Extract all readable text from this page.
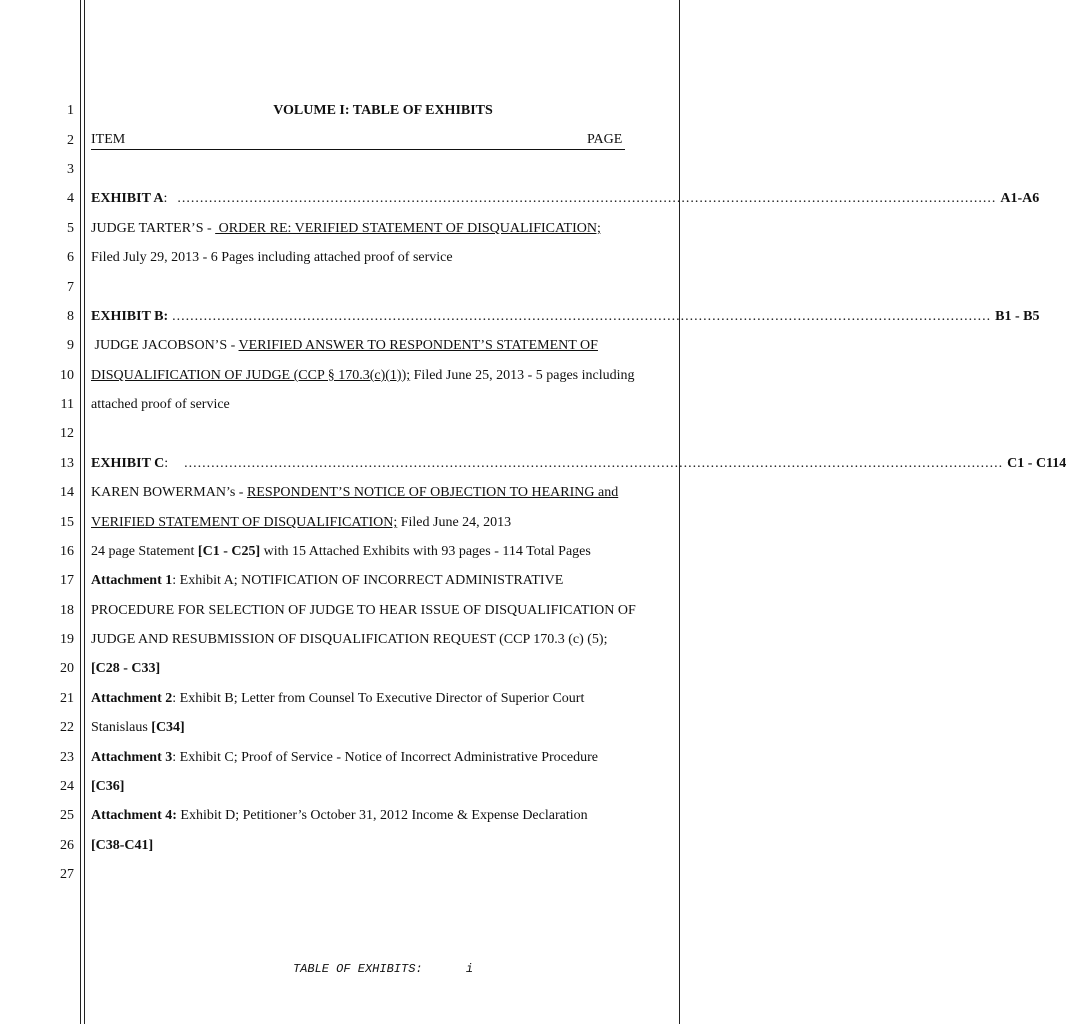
1
2
3
4
5
6
7
8
9
10
11
12
13
14
15
16
17
18
19
20
21
22
23
24
25
26
27
VOLUME I: TABLE OF EXHIBITS
ITEM	PAGE
EXHIBIT A : ...................................................................................................................................................................................... A1-A6
JUDGE TARTER’S -  ORDER RE: VERIFIED STATEMENT OF DISQUALIFICATION;
Filed July 29, 2013 - 6 Pages including attached proof of service
EXHIBIT B: ...................................................................................................................................................................................... B1 - B5
JUDGE JACOBSON’S - VERIFIED ANSWER TO RESPONDENT’S STATEMENT OF
DISQUALIFICATION OF JUDGE (CCP § 170.3(c)(1)); Filed June 25, 2013 - 5 pages including
attached proof of service
EXHIBIT C : ...................................................................................................................................................................................... C1 - C114
KAREN BOWERMAN’s - RESPONDENT’S NOTICE OF OBJECTION TO HEARING and
VERIFIED STATEMENT OF DISQUALIFICATION; Filed June 24, 2013
24 page Statement [C1 - C25] with 15 Attached Exhibits with 93 pages - 114 Total Pages
Attachment 1: Exhibit A; NOTIFICATION OF INCORRECT ADMINISTRATIVE
PROCEDURE FOR SELECTION OF JUDGE TO HEAR ISSUE OF DISQUALIFICATION OF
JUDGE AND RESUBMISSION OF DISQUALIFICATION REQUEST (CCP 170.3 (c) (5);
[C28 - C33]
Attachment 2: Exhibit B; Letter from Counsel To Executive Director of Superior Court
Stanislaus [C34]
Attachment 3: Exhibit C; Proof of Service - Notice of Incorrect Administrative Procedure
[C36]
Attachment 4: Exhibit D; Petitioner’s October 31, 2012 Income & Expense Declaration
[C38-C41]
TABLE OF EXHIBITS:	i
